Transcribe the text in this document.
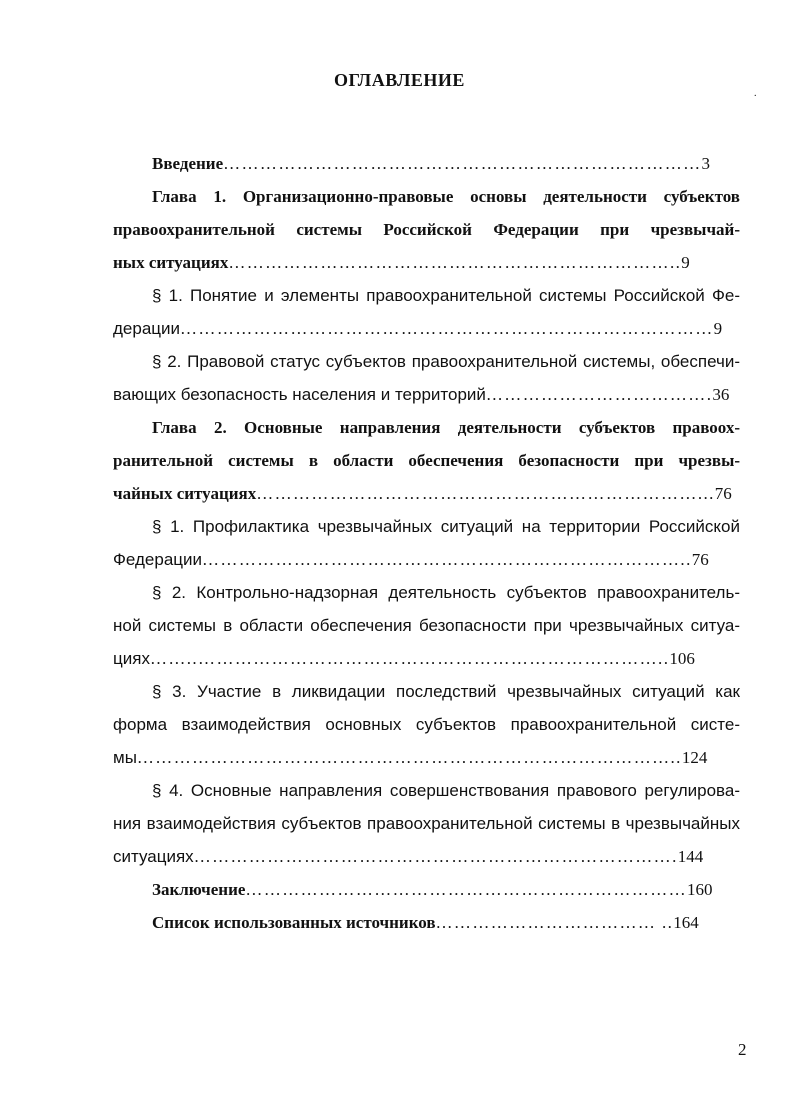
ОГЛАВЛЕНИЕ
.
Введение……………………………………………………………………3
Глава 1. Организационно-правовые основы деятельности субъектов
правоохранительной системы Российской Федерации при чрезвычай-
ных ситуациях………………………………………………………………..9
§ 1. Понятие и элементы правоохранительной системы Российской Фе-
дерации……………………………………………………………………………9
§ 2. Правовой статус субъектов правоохранительной системы, обеспечи-
вающих безопасность населения и территорий……………………………….36
Глава 2. Основные направления деятельности субъектов правоох-
ранительной системы в области обеспечения безопасности при чрезвы-
чайных ситуациях………………………………………………………………...76
§ 1. Профилактика чрезвычайных ситуаций на территории Российской
Федерации……………………………………………………………………..76
§ 2. Контрольно-надзорная деятельность субъектов правоохранитель-
ной системы в области обеспечения безопасности при чрезвычайных ситуа-
циях……..…………………………………………………………………..106
§ 3. Участие в ликвидации последствий чрезвычайных ситуаций как
форма взаимодействия основных субъектов правоохранительной систе-
мы……………………………………………………………………………..124
§ 4. Основные направления совершенствования правового регулирова-
ния взаимодействия субъектов правоохранительной системы в чрезвычайных
ситуациях…………………………………………………………………….144
Заключение………………………………………………………………160
Список использованных источников……………………………… ..164
2
